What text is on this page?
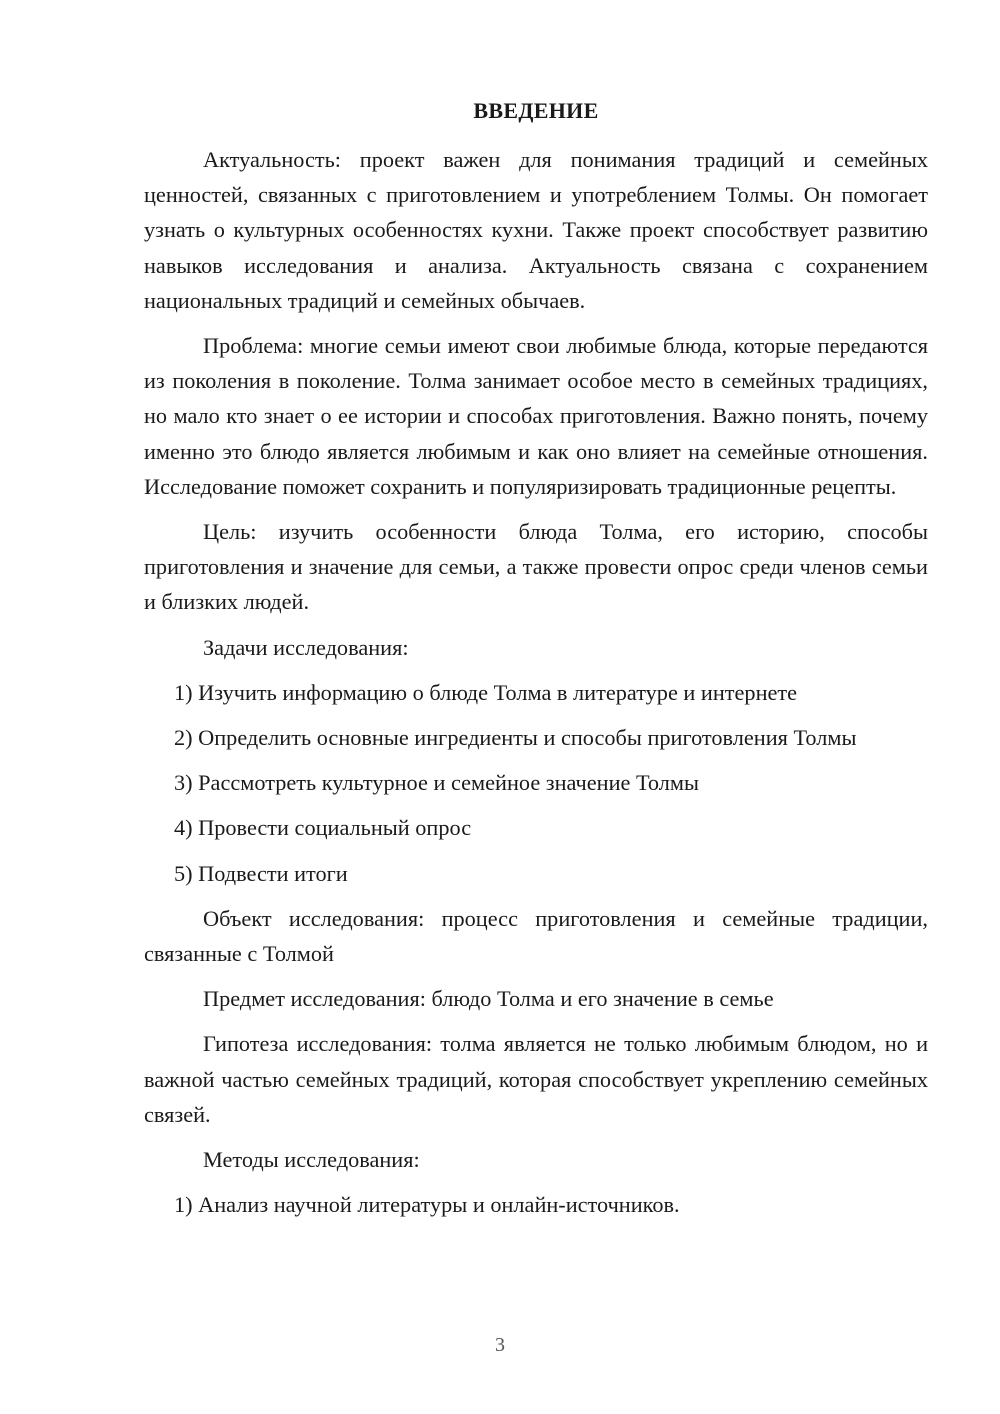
ВВЕДЕНИЕ

Актуальность: проект важен для понимания традиций и семейных ценностей, связанных с приготовлением и употреблением Толмы. Он помогает узнать о культурных особенностях кухни. Также проект способствует развитию навыков исследования и анализа. Актуальность связана с сохранением национальных традиций и семейных обычаев.

Проблема: многие семьи имеют свои любимые блюда, которые передаются из поколения в поколение. Толма занимает особое место в семейных традициях, но мало кто знает о ее истории и способах приготовления. Важно понять, почему именно это блюдо является любимым и как оно влияет на семейные отношения. Исследование поможет сохранить и популяризировать традиционные рецепты.

Цель: изучить особенности блюда Толма, его историю, способы приготовления и значение для семьи, а также провести опрос среди членов семьи и близких людей.

Задачи исследования:

1) Изучить информацию о блюде Толма в литературе и интернете

2) Определить основные ингредиенты и способы приготовления Толмы

3) Рассмотреть культурное и семейное значение Толмы

4) Провести социальный опрос

5) Подвести итоги

Объект исследования: процесс приготовления и семейные традиции, связанные с Толмой

Предмет исследования: блюдо Толма и его значение в семье

Гипотеза исследования: толма является не только любимым блюдом, но и важной частью семейных традиций, которая способствует укреплению семейных связей.

Методы исследования:

1) Анализ научной литературы и онлайн-источников.

3
